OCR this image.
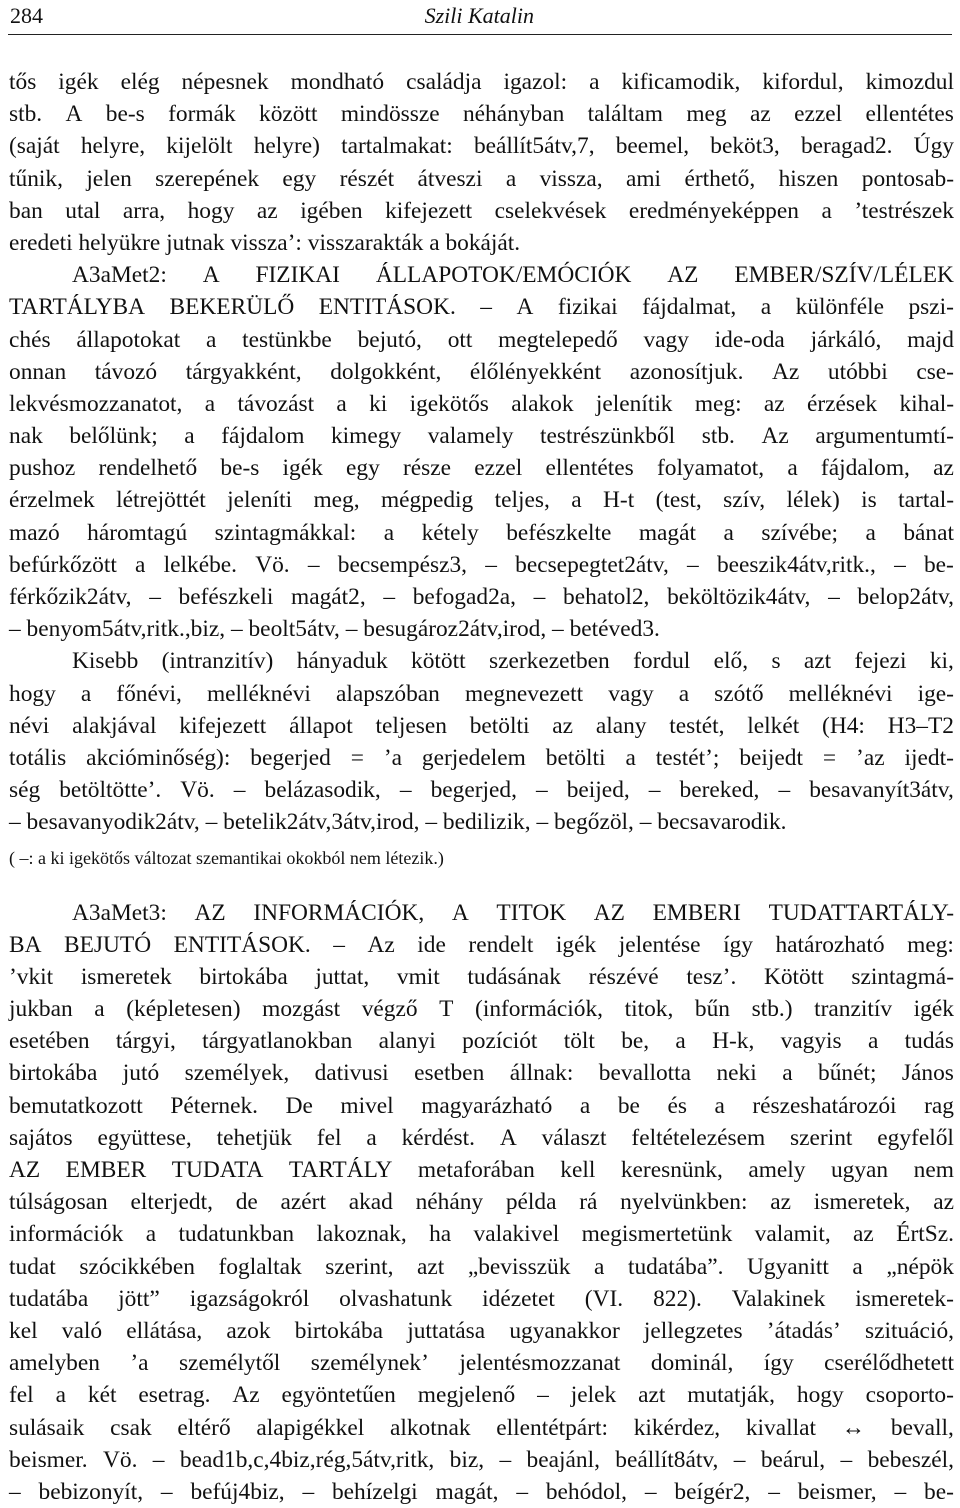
284	Szili Katalin
tős igék elég népesnek mondható családja igazol: a kificamodik, kifordul, kimozdul
stb. A be-s formák között mindössze néhányban találtam meg az ezzel ellentétes
(saját helyre, kijelölt helyre) tartalmakat: beállít5átv,7, beemel, beköt3, beragad2. Úgy
tűnik, jelen szerepének egy részét átveszi a vissza, ami érthető, hiszen pontosab-
ban utal arra, hogy az igében kifejezett cselekvések eredményeképpen a ’testrészek
eredeti helyükre jutnak vissza’: visszarakták a bokáját.
A3aMet2: A FIZIKAI ÁLLAPOTOK/EMÓCIÓK AZ EMBER/SZÍV/LÉLEK
TARTÁLYBA BEKERÜLŐ ENTITÁSOK. – A fizikai fájdalmat, a különféle pszi-
chés állapotokat a testünkbe bejutó, ott megtelepedő vagy ide-oda járkáló, majd
onnan távozó tárgyakként, dolgokként, élőlényekként azonosítjuk. Az utóbbi cse-
lekvésmozzanatot, a távozást a ki igekötős alakok jelenítik meg: az érzések kihal-
nak belőlünk; a fájdalom kimegy valamely testrészünkből stb. Az argumentumtí-
pushoz rendelhető be-s igék egy része ezzel ellentétes folyamatot, a fájdalom, az
érzelmek létrejöttét jeleníti meg, mégpedig teljes, a H-t (test, szív, lélek) is tartal-
mazó háromtagú szintagmákkal: a kétely befészkelte magát a szívébe; a bánat
befúrkőzött a lelkébe. Vö. – becsempész3, – becsepegtet2átv, – beeszik4átv,ritk., – be-
férkőzik2átv, – befészkeli magát2, – befogad2a, – behatol2, beköltözik4átv, – belop2átv,
– benyom5átv,ritk.,biz, – beolt5átv, – besugároz2átv,irod, – betéved3.
Kisebb (intranzitív) hányaduk kötött szerkezetben fordul elő, s azt fejezi ki,
hogy a főnévi, melléknévi alapszóban megnevezett vagy a szótő melléknévi ige-
névi alakjával kifejezett állapot teljesen betölti az alany testét, lelkét (H4: H3–T2
totális akcióminőség): begerjed = ’a gerjedelem betölti a testét’; beijedt = ’az ijedt-
ség betöltötte’. Vö. – belázasodik, – begerjed, – beijed, – bereked, – besavanyít3átv,
– besavanyodik2átv, – betelik2átv,3átv,irod, – bedilizik, – begőzöl, – becsavarodik.
( –: a ki igekötős változat szemantikai okokból nem létezik.)
A3aMet3: AZ INFORMÁCIÓK, A TITOK AZ EMBERI TUDATTARTÁLY-
BA BEJUTÓ ENTITÁSOK. – Az ide rendelt igék jelentése így határozható meg:
’vkit ismeretek birtokába juttat, vmit tudásának részévé tesz’. Kötött szintagmá-
jukban a (képletesen) mozgást végző T (információk, titok, bűn stb.) tranzitív igék
esetében tárgyi, tárgyatlanokban alanyi pozíciót tölt be, a H-k, vagyis a tudás
birtokába jutó személyek, dativusi esetben állnak: bevallotta neki a bűnét; János
bemutatkozott Péternek. De mivel magyarázható a be és a részeshatározói rag
sajátos együttese, tehetjük fel a kérdést. A választ feltételezésem szerint egyfelől
AZ EMBER TUDATA TARTÁLY metaforában kell keresnünk, amely ugyan nem
túlságosan elterjedt, de azért akad néhány példa rá nyelvünkben: az ismeretek, az
információk a tudatunkban lakoznak, ha valakivel megismertetünk valamit, az ÉrtSz.
tudat szócikkében foglaltak szerint, azt „bevisszük a tudatába”. Ugyanitt a „népök
tudatába jött” igazságokról olvashatunk idézetet (VI. 822). Valakinek ismeretek-
kel való ellátása, azok birtokába juttatása ugyanakkor jellegzetes ’átadás’ szituáció,
amelyben ’a személytől személynek’ jelentésmozzanat dominál, így cserélődhetett
fel a két esetrag. Az egyöntetűen megjelenő – jelek azt mutatják, hogy csoporto-
sulásaik csak eltérő alapigékkel alkotnak ellentétpárt: kikérdez, kivallat ↔ bevall,
beismer. Vö. – bead1b,c,4biz,rég,5átv,ritk, biz, – beajánl, beállít8átv, – beárul, – bebeszél,
– bebizonyít, – befúj4biz, – behízelgi magát, – behódol, – beígér2, – beismer, – be-
